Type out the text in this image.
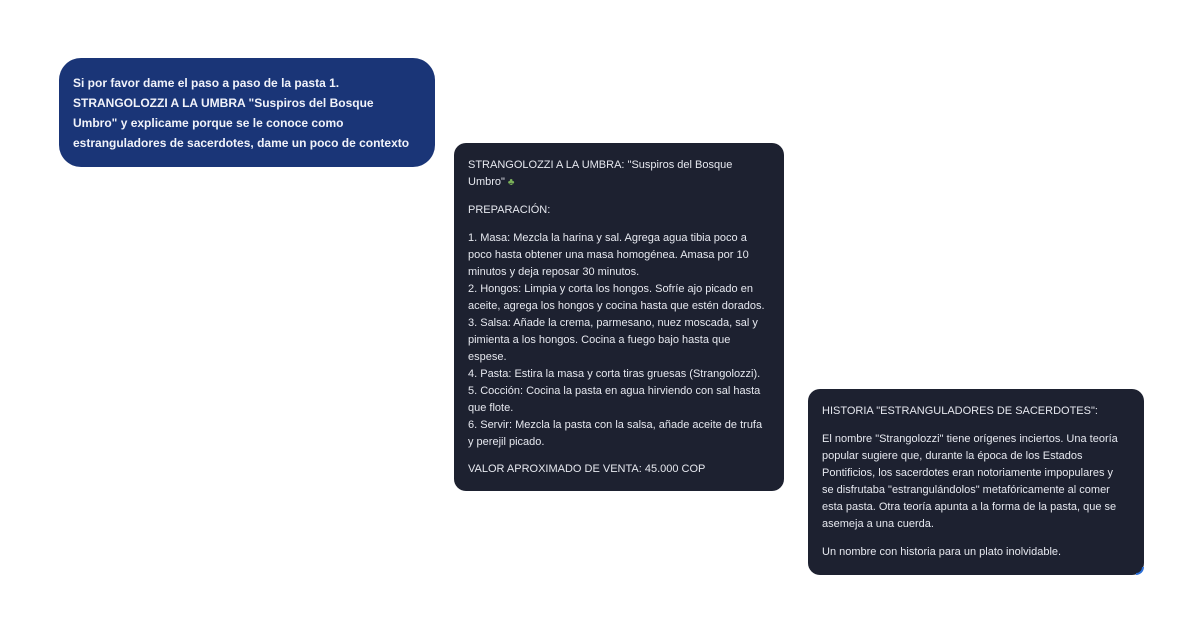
Si por favor dame el paso a paso de la pasta 1.

STRANGOLOZZI A LA UMBRA "Suspiros del Bosque

Umbro" y explicame porque se le conoce como

estranguladores de sacerdotes, dame un poco de contexto

STRANGOLOZZI A LA UMBRA: "Suspiros del Bosque

Umbro" ♣

PREPARACIÓN:

1. Masa: Mezcla la harina y sal. Agrega agua tibia poco a
poco hasta obtener una masa homogénea. Amasa por 10
minutos y deja reposar 30 minutos.

2. Hongos: Limpia y corta los hongos. Sofríe ajo picado en
aceite, agrega los hongos y cocina hasta que estén dorados.

3. Salsa: Añade la crema, parmesano, nuez moscada, sal y
pimienta a los hongos. Cocina a fuego bajo hasta que
espese.

4. Pasta: Estira la masa y corta tiras gruesas (Strangolozzi).

5. Cocción: Cocina la pasta en agua hirviendo con sal hasta
que flote.

6. Servir: Mezcla la pasta con la salsa, añade aceite de trufa
y perejil picado.

VALOR APROXIMADO DE VENTA: 45.000 COP

HISTORIA "ESTRANGULADORES DE SACERDOTES":

El nombre "Strangolozzi" tiene orígenes inciertos. Una teoría
popular sugiere que, durante la época de los Estados
Pontificios, los sacerdotes eran notoriamente impopulares y
se disfrutaba "estrangulándolos" metafóricamente al comer
esta pasta. Otra teoría apunta a la forma de la pasta, que se
asemeja a una cuerda.

Un nombre con historia para un plato inolvidable.
